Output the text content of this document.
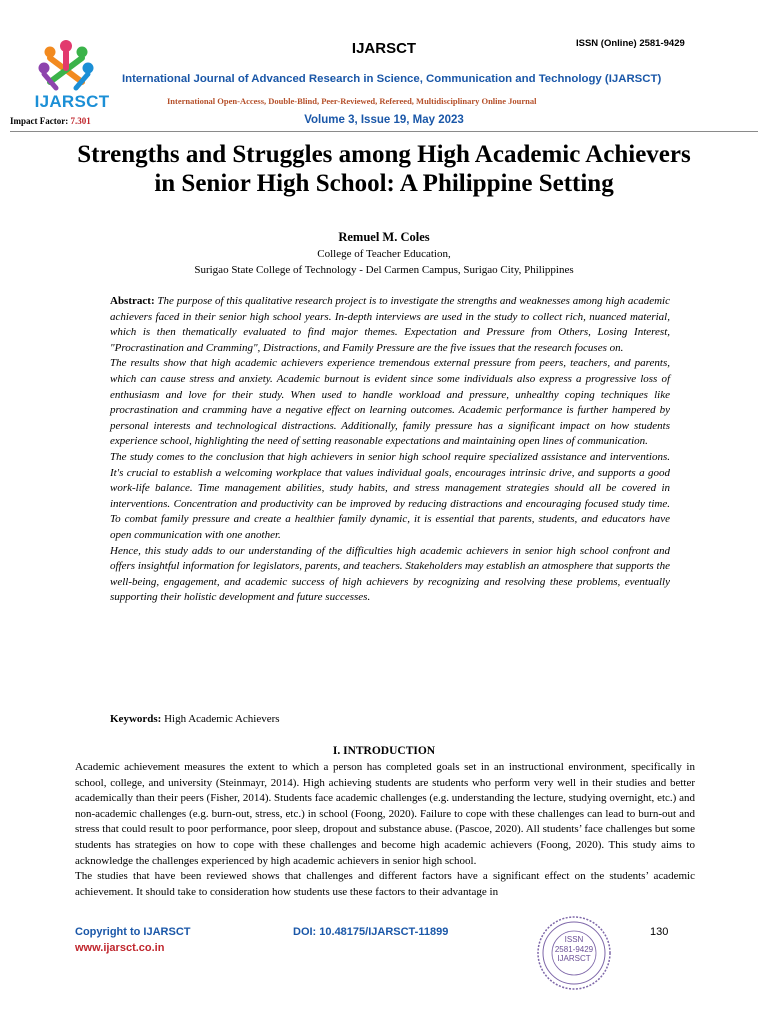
IJARSCT
Impact Factor: 7.301
IJARSCT	ISSN (Online) 2581-9429
International Journal of Advanced Research in Science, Communication and Technology (IJARSCT)
International Open-Access, Double-Blind, Peer-Reviewed, Refereed, Multidisciplinary Online Journal
Volume 3, Issue 19, May 2023
Strengths and Struggles among High Academic Achievers in Senior High School: A Philippine Setting
Remuel M. Coles
College of Teacher Education,
Surigao State College of Technology - Del Carmen Campus, Surigao City, Philippines

Abstract: The purpose of this qualitative research project is to investigate the strengths and weaknesses among high academic achievers faced in their senior high school years. In-depth interviews are used in the study to collect rich, nuanced material, which is then thematically evaluated to find major themes. Expectation and Pressure from Others, Losing Interest, "Procrastination and Cramming", Distractions, and Family Pressure are the five issues that the research focuses on.

The results show that high academic achievers experience tremendous external pressure from peers, teachers, and parents, which can cause stress and anxiety. Academic burnout is evident since some individuals also express a progressive loss of enthusiasm and love for their study. When used to handle workload and pressure, unhealthy coping techniques like procrastination and cramming have a negative effect on learning outcomes. Academic performance is further hampered by personal interests and technological distractions. Additionally, family pressure has a significant impact on how students experience school, highlighting the need of setting reasonable expectations and maintaining open lines of communication.

The study comes to the conclusion that high achievers in senior high school require specialized assistance and interventions. It's crucial to establish a welcoming workplace that values individual goals, encourages intrinsic drive, and supports a good work-life balance. Time management abilities, study habits, and stress management strategies should all be covered in interventions. Concentration and productivity can be improved by reducing distractions and encouraging focused study time. To combat family pressure and create a healthier family dynamic, it is essential that parents, students, and educators have open communication with one another.

Hence, this study adds to our understanding of the difficulties high academic achievers in senior high school confront and offers insightful information for legislators, parents, and teachers. Stakeholders may establish an atmosphere that supports the well-being, engagement, and academic success of high achievers by recognizing and resolving these problems, eventually supporting their holistic development and future successes.

Keywords: High Academic Achievers
I. INTRODUCTION

Academic achievement measures the extent to which a person has completed goals set in an instructional environment, specifically in school, college, and university (Steinmayr, 2014). High achieving students are students who perform very well in their studies and better academically than their peers (Fisher, 2014). Students face academic challenges (e.g. understanding the lecture, studying overnight, etc.) and non-academic challenges (e.g. burn-out, stress, etc.) in school (Foong, 2020). Failure to cope with these challenges can lead to burn-out and stress that could result to poor performance, poor sleep, dropout and substance abuse. (Pascoe, 2020). All students’ face challenges but some students has strategies on how to cope with these challenges and become high academic achievers (Foong, 2020). This study aims to acknowledge the challenges experienced by high academic achievers in senior high school.

The studies that have been reviewed shows that challenges and different factors have a significant effect on the students’ academic achievement. It should take to consideration how students use these factors to their advantage in

Copyright to IJARSCT
www.ijarsct.co.in
DOI: 10.48175/IJARSCT-11899	130
ISSN
2581-9429
IJARSCT
